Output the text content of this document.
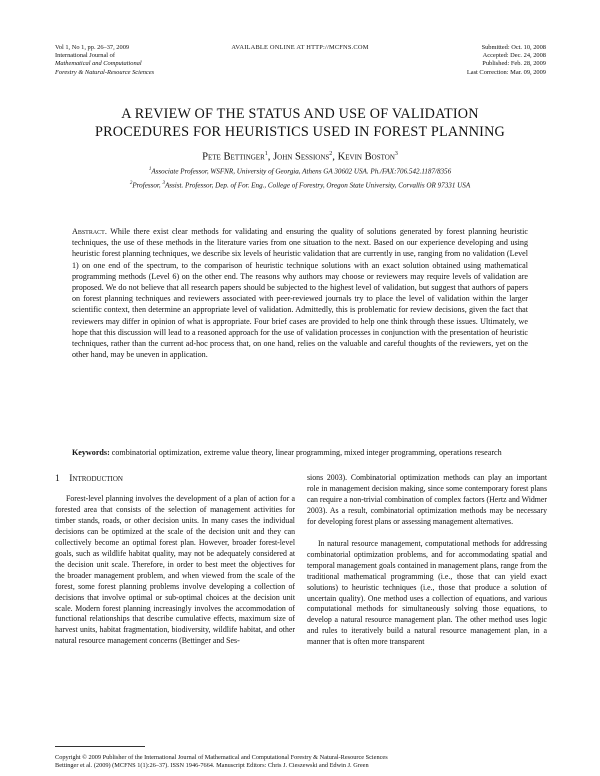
Vol 1, No 1, pp. 26–37, 2009
International Journal of
Mathematical and Computational
Forestry & Natural-Resource Sciences
AVAILABLE ONLINE AT HTTP://MCFNS.COM	Submitted: Oct. 10, 2008
Accepted: Dec. 24, 2008
Published: Feb. 28, 2009
Last Correction: Mar. 09, 2009
A REVIEW OF THE STATUS AND USE OF VALIDATION
PROCEDURES FOR HEURISTICS USED IN FOREST PLANNING
Pete Bettinger$^1$, John Sessions$^2$, Kevin Boston$^3$
$^1$Associate Professor, WSFNR, University of Georgia, Athens GA 30602 USA. Ph./FAX:706.542.1187/8356
$^2$Professor, $^3$Assist. Professor, Dep. of For. Eng., College of Forestry, Oregon State University, Corvallis OR 97331 USA
Abstract. While there exist clear methods for validating and ensuring the quality of solutions generated by forest planning heuristic techniques, the use of these methods in the literature varies from one situation to the next. Based on our experience developing and using heuristic forest planning techniques, we describe six levels of heuristic validation that are currently in use, ranging from no validation (Level 1) on one end of the spectrum, to the comparison of heuristic technique solutions with an exact solution obtained using mathematical programming methods (Level 6) on the other end. The reasons why authors may choose or reviewers may require levels of validation are proposed. We do not believe that all research papers should be subjected to the highest level of validation, but suggest that authors of papers on forest planning techniques and reviewers associated with peer-reviewed journals try to place the level of validation within the larger scientific context, then determine an appropriate level of validation. Admittedly, this is problematic for review decisions, given the fact that reviewers may differ in opinion of what is appropriate. Four brief cases are provided to help one think through these issues. Ultimately, we hope that this discussion will lead to a reasoned approach for the use of validation processes in conjunction with the presentation of heuristic techniques, rather than the current ad-hoc process that, on one hand, relies on the valuable and careful thoughts of the reviewers, yet on the other hand, may be uneven in application.
Keywords: combinatorial optimization, extreme value theory, linear programming, mixed integer programming, operations research
1 Introduction
Forest-level planning involves the development of a plan of action for a forested area that consists of the selection of management activities for timber stands, roads, or other decision units. In many cases the individual decisions can be optimized at the scale of the decision unit and they can collectively become an optimal forest plan. However, broader forest-level goals, such as wildlife habitat quality, may not be adequately considered at the decision unit scale. Therefore, in order to best meet the objectives for the broader management problem, and when viewed from the scale of the forest, some forest planning problems involve developing a collection of decisions that involve optimal or sub-optimal choices at the decision unit scale. Modern forest planning increasingly involves the accommodation of functional relationships that describe cumulative effects, maximum size of harvest units, habitat fragmentation, biodiversity, wildlife habitat, and other natural resource management concerns (Bettinger and Ses-
sions 2003). Combinatorial optimization methods can play an important role in management decision making, since some contemporary forest plans can require a non-trivial combination of complex factors (Hertz and Widmer 2003). As a result, combinatorial optimization methods may be necessary for developing forest plans or assessing management alternatives.
In natural resource management, computational methods for addressing combinatorial optimization problems, and for accommodating spatial and temporal management goals contained in management plans, range from the traditional mathematical programming (i.e., those that can yield exact solutions) to heuristic techniques (i.e., those that produce a solution of uncertain quality). One method uses a collection of equations, and various computational methods for simultaneously solving those equations, to develop a natural resource management plan. The other method uses logic and rules to iteratively build a natural resource management plan, in a manner that is often more transparent
Copyright © 2009 Publisher of the International Journal of Mathematical and Computational Forestry & Natural-Resource Sciences
Bettinger et al. (2009) (MCFNS 1(1):26–37). ISSN 1946-7664. Manuscript Editors: Chris J. Cieszewski and Edwin J. Green
